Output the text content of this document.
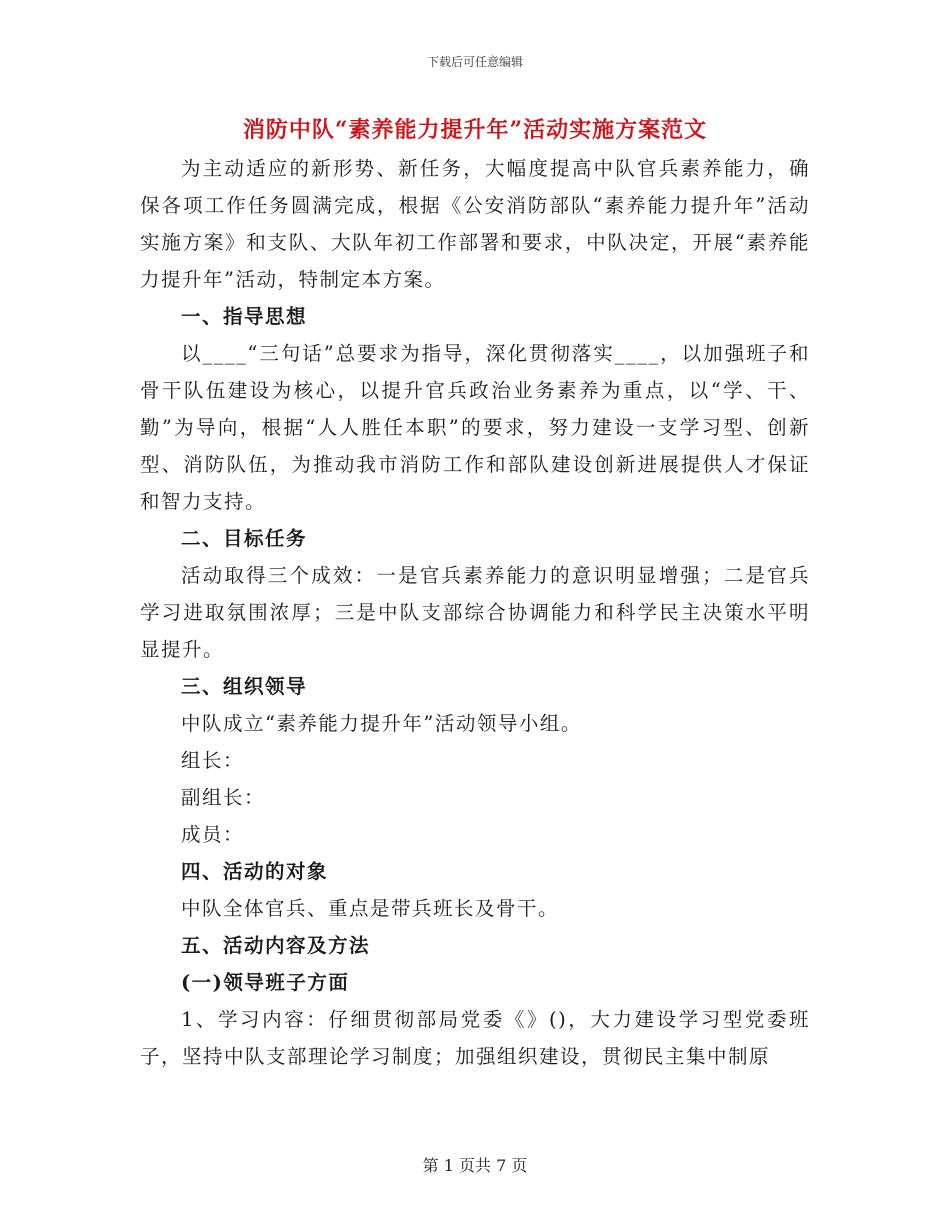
下载后可任意编辑
消防中队“素养能力提升年”活动实施方案范文

为主动适应的新形势、新任务，大幅度提高中队官兵素养能力，确保各项工作任务圆满完成，根据《公安消防部队“素养能力提升年”活动实施方案》和支队、大队年初工作部署和要求，中队决定，开展“素养能力提升年”活动，特制定本方案。

一、指导思想

以____“三句话”总要求为指导，深化贯彻落实____，以加强班子和骨干队伍建设为核心，以提升官兵政治业务素养为重点，以“学、干、勤”为导向，根据“人人胜任本职”的要求，努力建设一支学习型、创新型、消防队伍，为推动我市消防工作和部队建设创新进展提供人才保证和智力支持。

二、目标任务

活动取得三个成效：一是官兵素养能力的意识明显增强；二是官兵学习进取氛围浓厚；三是中队支部综合协调能力和科学民主决策水平明显提升。

三、组织领导

中队成立“素养能力提升年”活动领导小组。

组长：

副组长：

成员：

四、活动的对象

中队全体官兵、重点是带兵班长及骨干。

五、活动内容及方法

(一)领导班子方面

1、学习内容：仔细贯彻部局党委《》()，大力建设学习型党委班子，坚持中队支部理论学习制度；加强组织建设，贯彻民主集中制原

第 1 页共 7 页
